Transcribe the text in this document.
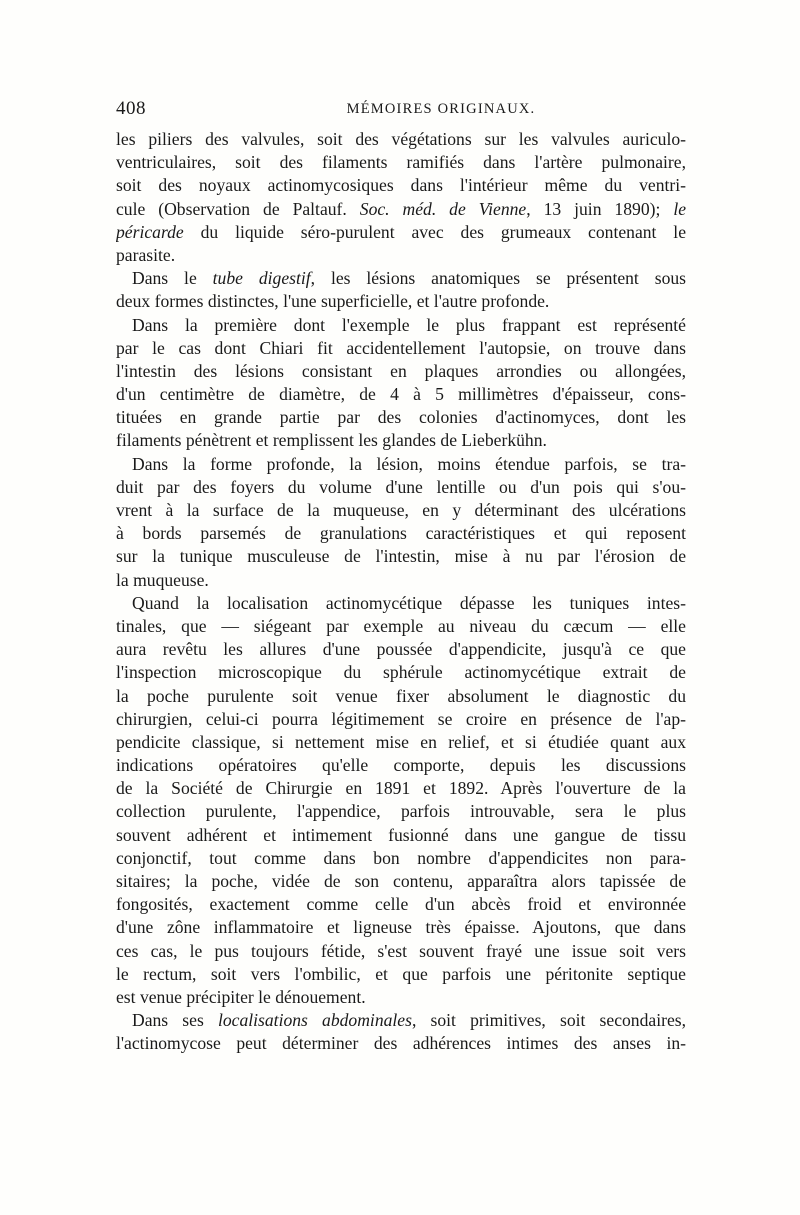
408	MÉMOIRES ORIGINAUX.
les piliers des valvules, soit des végétations sur les valvules auriculo-
ventriculaires, soit des filaments ramifiés dans l'artère pulmonaire,
soit des noyaux actinomycosiques dans l'intérieur même du ventri-
cule (Observation de Paltauf. Soc. méd. de Vienne, 13 juin 1890); le
péricarde du liquide séro-purulent avec des grumeaux contenant le
parasite.
Dans le tube digestif, les lésions anatomiques se présentent sous
deux formes distinctes, l'une superficielle, et l'autre profonde.
Dans la première dont l'exemple le plus frappant est représenté
par le cas dont Chiari fit accidentellement l'autopsie, on trouve dans
l'intestin des lésions consistant en plaques arrondies ou allongées,
d'un centimètre de diamètre, de 4 à 5 millimètres d'épaisseur, cons-
tituées en grande partie par des colonies d'actinomyces, dont les
filaments pénètrent et remplissent les glandes de Lieberkühn.
Dans la forme profonde, la lésion, moins étendue parfois, se tra-
duit par des foyers du volume d'une lentille ou d'un pois qui s'ou-
vrent à la surface de la muqueuse, en y déterminant des ulcérations
à bords parsemés de granulations caractéristiques et qui reposent
sur la tunique musculeuse de l'intestin, mise à nu par l'érosion de
la muqueuse.
Quand la localisation actinomycétique dépasse les tuniques intes-
tinales, que — siégeant par exemple au niveau du cæcum — elle
aura revêtu les allures d'une poussée d'appendicite, jusqu'à ce que
l'inspection microscopique du sphérule actinomycétique extrait de
la poche purulente soit venue fixer absolument le diagnostic du
chirurgien, celui-ci pourra légitimement se croire en présence de l'ap-
pendicite classique, si nettement mise en relief, et si étudiée quant aux
indications opératoires qu'elle comporte, depuis les discussions
de la Société de Chirurgie en 1891 et 1892. Après l'ouverture de la
collection purulente, l'appendice, parfois introuvable, sera le plus
souvent adhérent et intimement fusionné dans une gangue de tissu
conjonctif, tout comme dans bon nombre d'appendicites non para-
sitaires; la poche, vidée de son contenu, apparaîtra alors tapissée de
fongosités, exactement comme celle d'un abcès froid et environnée
d'une zône inflammatoire et ligneuse très épaisse. Ajoutons, que dans
ces cas, le pus toujours fétide, s'est souvent frayé une issue soit vers
le rectum, soit vers l'ombilic, et que parfois une péritonite septique
est venue précipiter le dénouement.
Dans ses localisations abdominales, soit primitives, soit secondaires,
l'actinomycose peut déterminer des adhérences intimes des anses in-
